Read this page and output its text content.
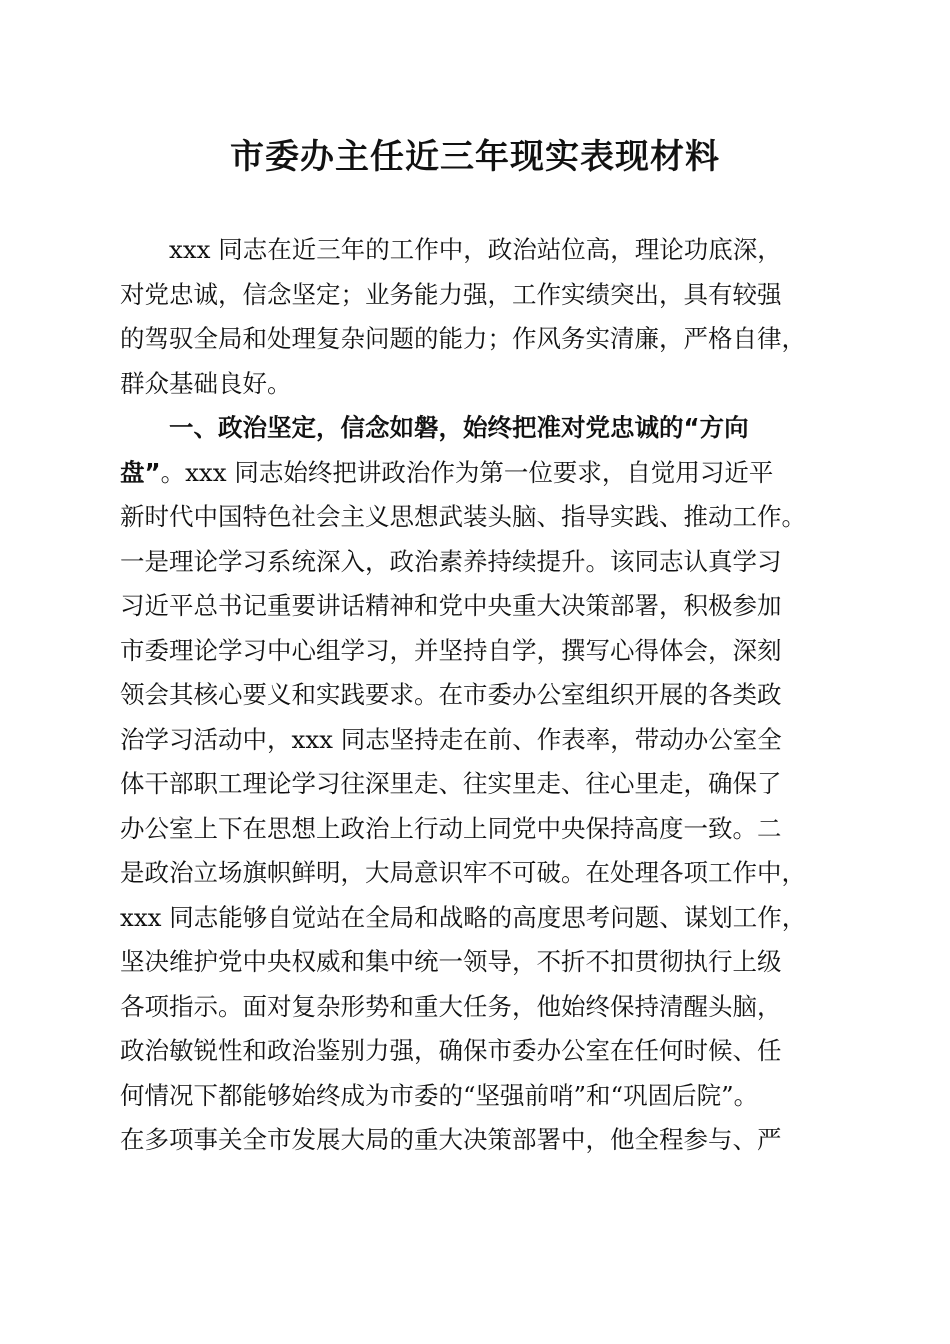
市委办主任近三年现实表现材料
xxx 同志在近三年的工作中，政治站位高，理论功底深，
对党忠诚，信念坚定；业务能力强，工作实绩突出，具有较强
的驾驭全局和处理复杂问题的能力；作风务实清廉，严格自律，
群众基础良好。
一、政治坚定，信念如磐，始终把准对党忠诚的“方向
盘” 。xxx 同志始终把讲政治作为第一位要求，自觉用习近平
新时代中国特色社会主义思想武装头脑、指导实践、推动工作。
一是理论学习系统深入，政治素养持续提升。该同志认真学习
习近平总书记重要讲话精神和党中央重大决策部署，积极参加
市委理论学习中心组学习，并坚持自学，撰写心得体会，深刻
领会其核心要义和实践要求。在市委办公室组织开展的各类政
治学习活动中，xxx 同志坚持走在前、作表率，带动办公室全
体干部职工理论学习往深里走、往实里走、往心里走，确保了
办公室上下在思想上政治上行动上同党中央保持高度一致。二
是政治立场旗帜鲜明，大局意识牢不可破。在处理各项工作中，
xxx 同志能够自觉站在全局和战略的高度思考问题、谋划工作，
坚决维护党中央权威和集中统一领导，不折不扣贯彻执行上级
各项指示。面对复杂形势和重大任务，他始终保持清醒头脑，
政治敏锐性和政治鉴别力强，确保市委办公室在任何时候、任
何情况下都能够始终成为市委的“坚强前哨”和“巩固后院”。
在多项事关全市发展大局的重大决策部署中，他全程参与、严
